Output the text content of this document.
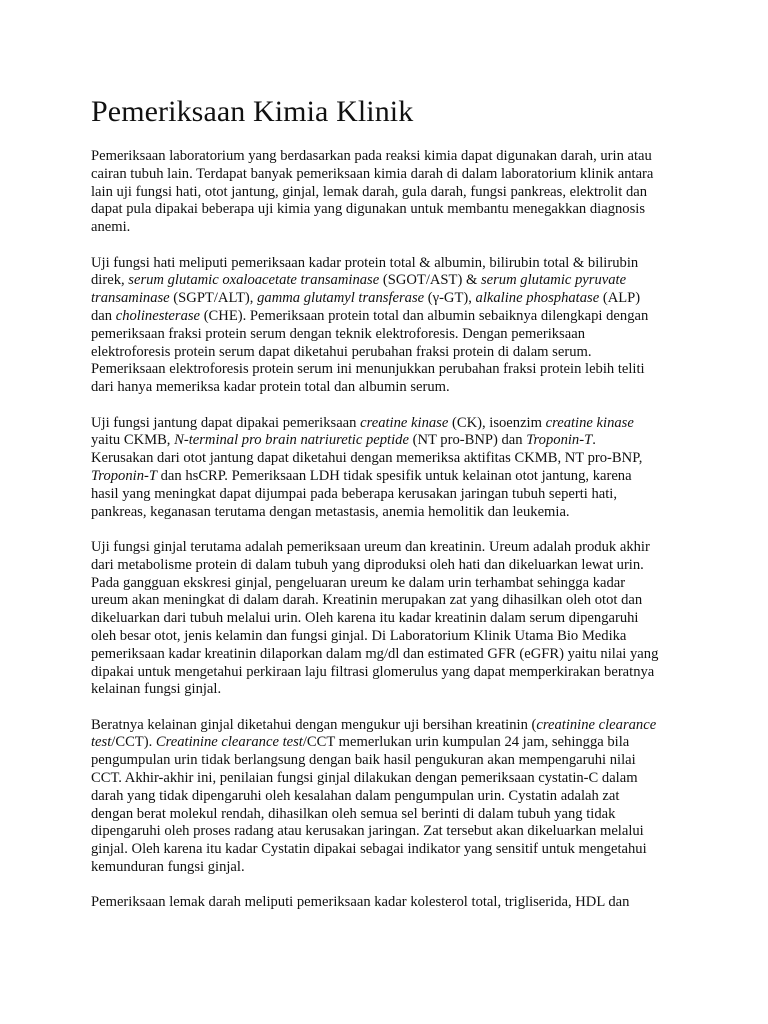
Pemeriksaan Kimia Klinik

Pemeriksaan laboratorium yang berdasarkan pada reaksi kimia dapat digunakan darah, urin atau
cairan tubuh lain. Terdapat banyak pemeriksaan kimia darah di dalam laboratorium klinik antara
lain uji fungsi hati, otot jantung, ginjal, lemak darah, gula darah, fungsi pankreas, elektrolit dan
dapat pula dipakai beberapa uji kimia yang digunakan untuk membantu menegakkan diagnosis
anemi.

Uji fungsi hati meliputi pemeriksaan kadar protein total & albumin, bilirubin total & bilirubin
direk, serum glutamic oxaloacetate transaminase (SGOT/AST) & serum glutamic pyruvate
transaminase (SGPT/ALT), gamma glutamyl transferase (γ-GT), alkaline phosphatase (ALP)
dan cholinesterase (CHE). Pemeriksaan protein total dan albumin sebaiknya dilengkapi dengan
pemeriksaan fraksi protein serum dengan teknik elektroforesis. Dengan pemeriksaan
elektroforesis protein serum dapat diketahui perubahan fraksi protein di dalam serum.
Pemeriksaan elektroforesis protein serum ini menunjukkan perubahan fraksi protein lebih teliti
dari hanya memeriksa kadar protein total dan albumin serum.

Uji fungsi jantung dapat dipakai pemeriksaan creatine kinase (CK), isoenzim creatine kinase
yaitu CKMB, N-terminal pro brain natriuretic peptide (NT pro-BNP) dan Troponin-T.
Kerusakan dari otot jantung dapat diketahui dengan memeriksa aktifitas CKMB, NT pro-BNP,
Troponin-T dan hsCRP. Pemeriksaan LDH tidak spesifik untuk kelainan otot jantung, karena
hasil yang meningkat dapat dijumpai pada beberapa kerusakan jaringan tubuh seperti hati,
pankreas, keganasan terutama dengan metastasis, anemia hemolitik dan leukemia.

Uji fungsi ginjal terutama adalah pemeriksaan ureum dan kreatinin. Ureum adalah produk akhir
dari metabolisme protein di dalam tubuh yang diproduksi oleh hati dan dikeluarkan lewat urin.
Pada gangguan ekskresi ginjal, pengeluaran ureum ke dalam urin terhambat sehingga kadar
ureum akan meningkat di dalam darah. Kreatinin merupakan zat yang dihasilkan oleh otot dan
dikeluarkan dari tubuh melalui urin. Oleh karena itu kadar kreatinin dalam serum dipengaruhi
oleh besar otot, jenis kelamin dan fungsi ginjal. Di Laboratorium Klinik Utama Bio Medika
pemeriksaan kadar kreatinin dilaporkan dalam mg/dl dan estimated GFR (eGFR) yaitu nilai yang
dipakai untuk mengetahui perkiraan laju filtrasi glomerulus yang dapat memperkirakan beratnya
kelainan fungsi ginjal.

Beratnya kelainan ginjal diketahui dengan mengukur uji bersihan kreatinin (creatinine clearance
test/CCT). Creatinine clearance test/CCT memerlukan urin kumpulan 24 jam, sehingga bila
pengumpulan urin tidak berlangsung dengan baik hasil pengukuran akan mempengaruhi nilai
CCT. Akhir-akhir ini, penilaian fungsi ginjal dilakukan dengan pemeriksaan cystatin-C dalam
darah yang tidak dipengaruhi oleh kesalahan dalam pengumpulan urin. Cystatin adalah zat
dengan berat molekul rendah, dihasilkan oleh semua sel berinti di dalam tubuh yang tidak
dipengaruhi oleh proses radang atau kerusakan jaringan. Zat tersebut akan dikeluarkan melalui
ginjal. Oleh karena itu kadar Cystatin dipakai sebagai indikator yang sensitif untuk mengetahui
kemunduran fungsi ginjal.

Pemeriksaan lemak darah meliputi pemeriksaan kadar kolesterol total, trigliserida, HDL dan
